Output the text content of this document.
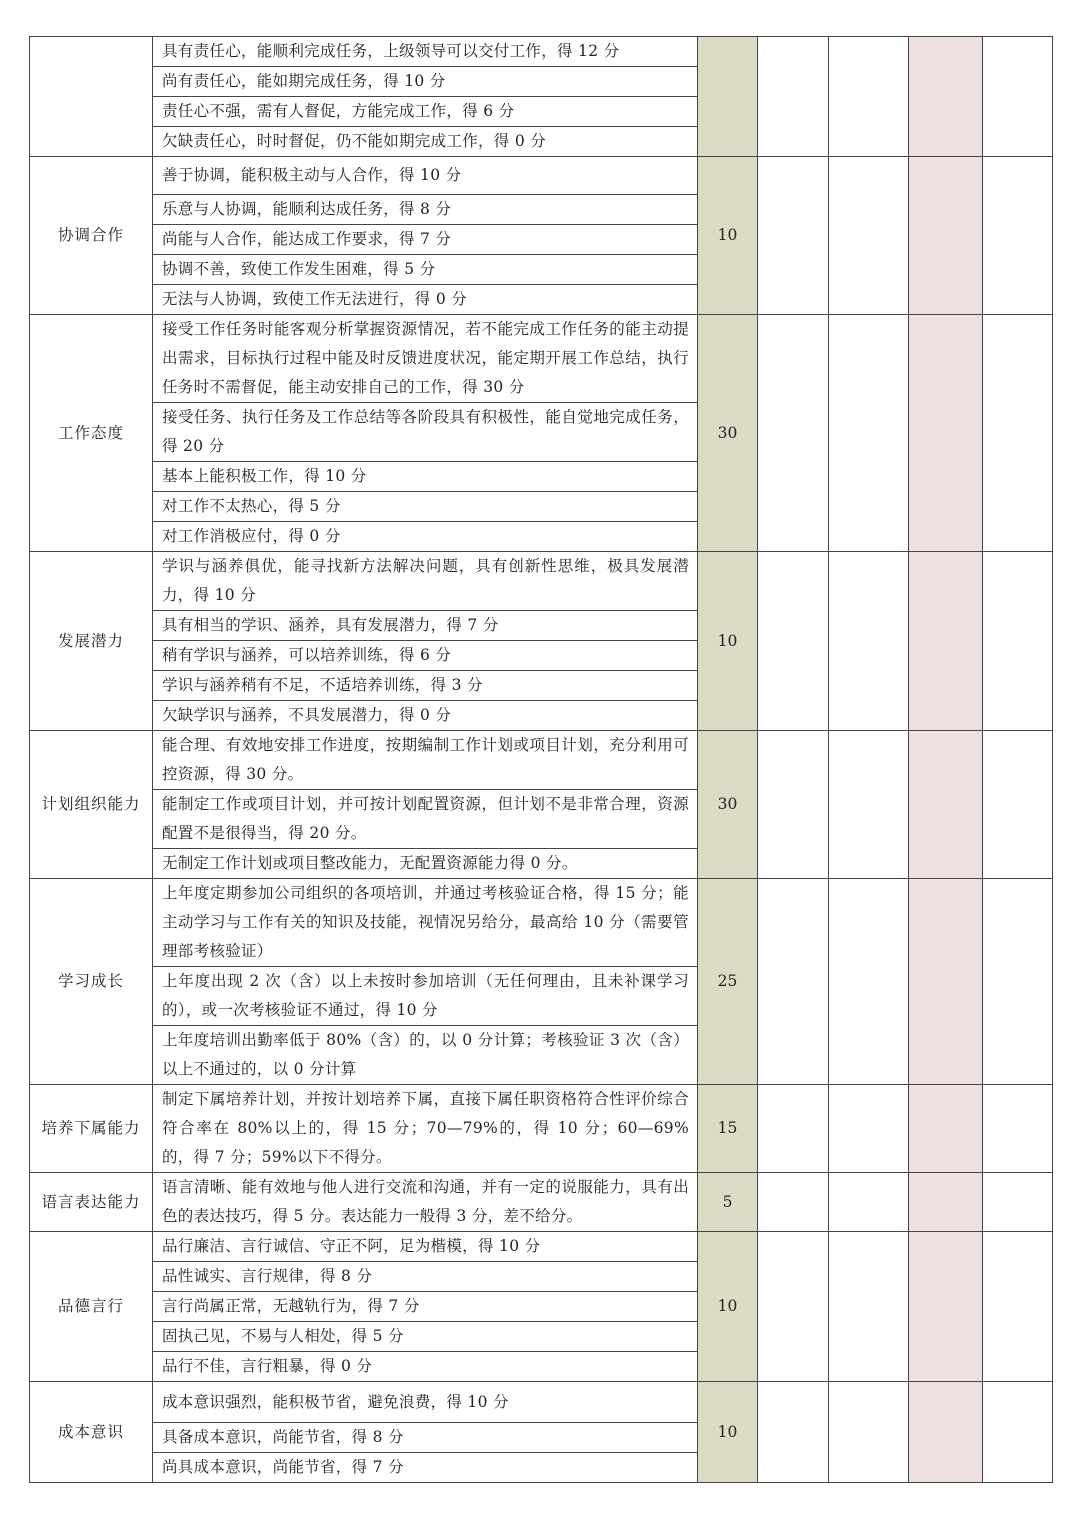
	具有责任心，能顺利完成任务，上级领导可以交付工作，得 12 分					
	尚有责任心，能如期完成任务，得 10 分					
	责任心不强，需有人督促，方能完成工作，得 6 分					
	欠缺责任心，时时督促，仍不能如期完成工作，得 0 分					
协调合作	善于协调，能积极主动与人合作，得 10 分	10				
	乐意与人协调，能顺利达成任务，得 8 分					
	尚能与人合作，能达成工作要求，得 7 分					
	协调不善，致使工作发生困难，得 5 分					
	无法与人协调，致使工作无法进行，得 0 分					
工作态度	接受工作任务时能客观分析掌握资源情况，若不能完成工作任务的能主动提出需求，目标执行过程中能及时反馈进度状况，能定期开展工作总结，执行任务时不需督促，能主动安排自己的工作，得 30 分	30				
	接受任务、执行任务及工作总结等各阶段具有积极性，能自觉地完成任务，得 20 分					
	基本上能积极工作，得 10 分					
	对工作不太热心，得 5 分					
	对工作消极应付，得 0 分					
发展潜力	学识与涵养俱优，能寻找新方法解决问题，具有创新性思维，极具发展潜力，得 10 分	10				
	具有相当的学识、涵养，具有发展潜力，得 7 分					
	稍有学识与涵养，可以培养训练，得 6 分					
	学识与涵养稍有不足，不适培养训练，得 3 分					
	欠缺学识与涵养，不具发展潜力，得 0 分					
计划组织能力	能合理、有效地安排工作进度，按期编制工作计划或项目计划，充分利用可控资源，得 30 分。	30				
	能制定工作或项目计划，并可按计划配置资源，但计划不是非常合理，资源配置不是很得当，得 20 分。					
	无制定工作计划或项目整改能力，无配置资源能力得 0 分。					
学习成长	上年度定期参加公司组织的各项培训，并通过考核验证合格，得 15 分；能主动学习与工作有关的知识及技能，视情况另给分，最高给 10 分（需要管理部考核验证）	25				
	上年度出现 2 次（含）以上未按时参加培训（无任何理由，且未补课学习的），或一次考核验证不通过，得 10 分					
	上年度培训出勤率低于 80%（含）的，以 0 分计算；考核验证 3 次（含）以上不通过的，以 0 分计算					
培养下属能力	制定下属培养计划，并按计划培养下属，直接下属任职资格符合性评价综合符合率在 80%以上的，得 15 分；70—79%的，得 10 分；60—69%的，得 7 分；59%以下不得分。	15				
语言表达能力	语言清晰、能有效地与他人进行交流和沟通，并有一定的说服能力，具有出色的表达技巧，得 5 分。表达能力一般得 3 分，差不给分。	5				
品德言行	品行廉洁、言行诚信、守正不阿，足为楷模，得 10 分	10				
	品性诚实、言行规律，得 8 分					
	言行尚属正常，无越轨行为，得 7 分					
	固执己见，不易与人相处，得 5 分					
	品行不佳，言行粗暴，得 0 分					
成本意识	成本意识强烈，能积极节省，避免浪费，得 10 分	10				
	具备成本意识，尚能节省，得 8 分					
	尚具成本意识，尚能节省，得 7 分					
